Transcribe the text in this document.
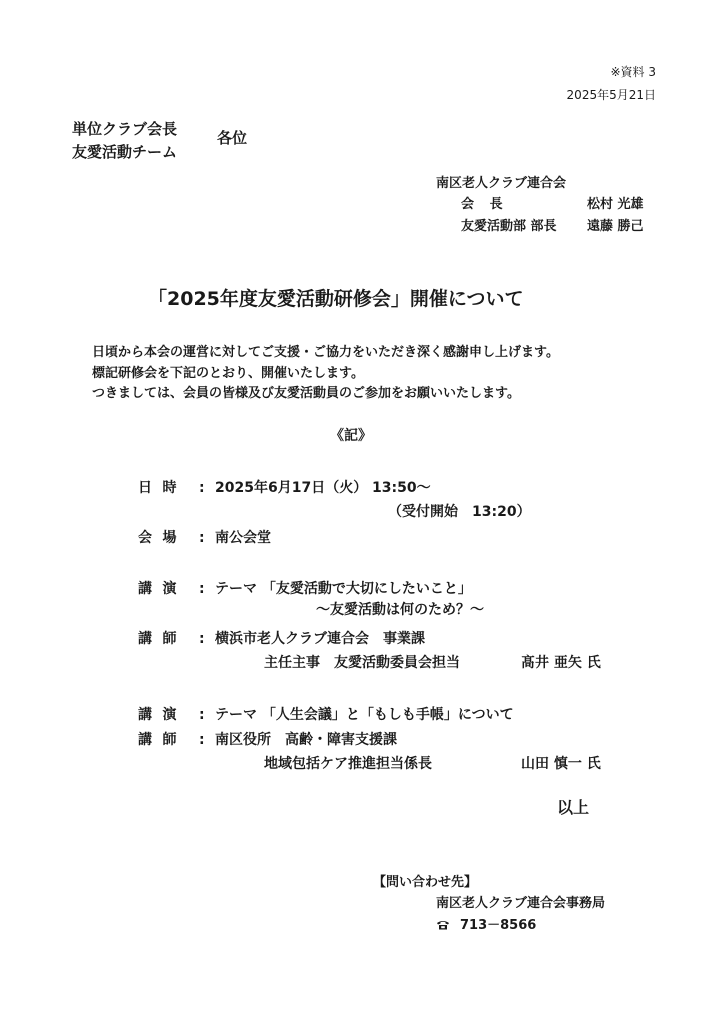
※資料 3
2025年5月21日
単位クラブ会長
友愛活動チーム
各位
南区老人クラブ連合会
会長	松村 光雄
友愛活動部 部長 遠藤 勝己
「2025年度友愛活動研修会」開催について
日頃から本会の運営に対してご支援・ご協力をいただき深く感謝申し上げます。
標記研修会を下記のとおり、開催いたします。
つきましては、会員の皆様及び友愛活動員のご参加をお願いいたします。
《記》
日時 : 2025年6月17日（火） 13:50～
（受付開始　13:20）
会場 : 南公会堂
講演 : テーマ 「友愛活動で大切にしたいこと」
～友愛活動は何のため？～
講師 : 横浜市老人クラブ連合会　事業課
主任主事　友愛活動委員会担当	髙井 亜矢 氏
講演 : テーマ 「人生会議」と「もしも手帳」について
講師 : 南区役所　高齢・障害支援課
地域包括ケア推進担当係長	山田 慎一 氏
以上
【問い合わせ先】
南区老人クラブ連合会事務局
713－8566
